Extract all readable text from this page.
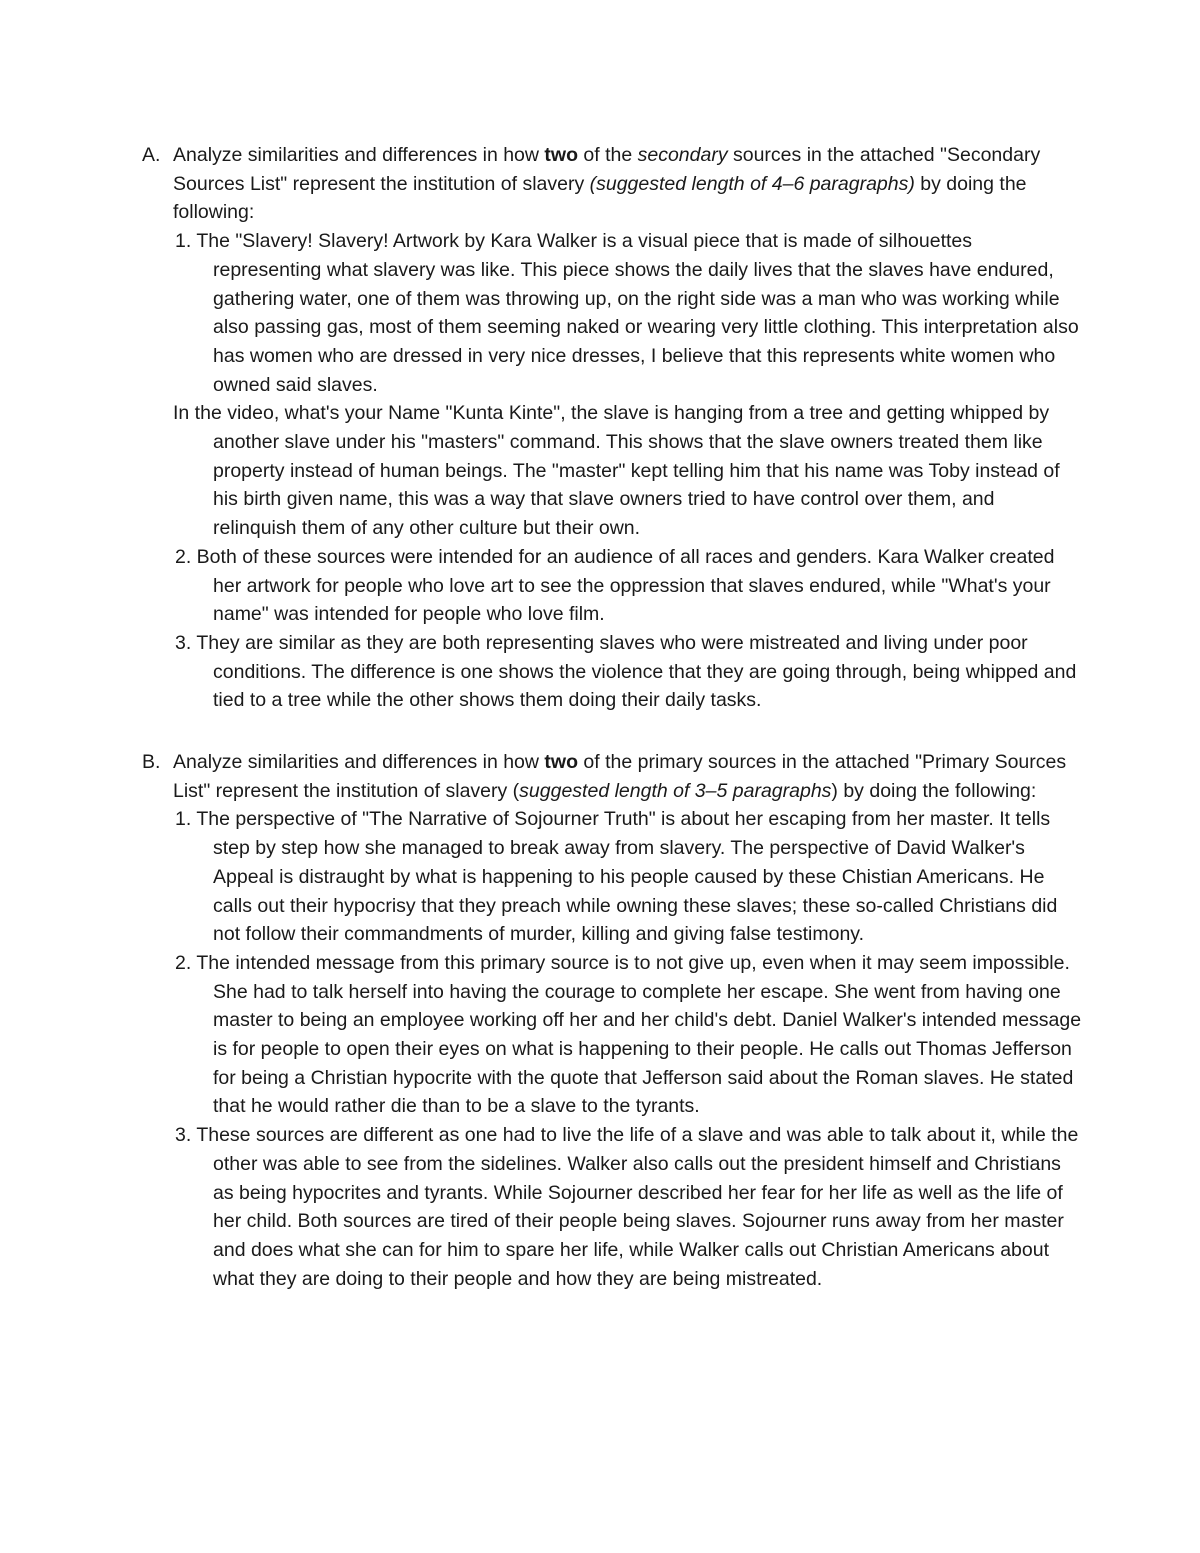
A. Analyze similarities and differences in how two of the secondary sources in the attached "Secondary Sources List" represent the institution of slavery (suggested length of 4–6 paragraphs) by doing the following:
1. The "Slavery! Slavery! Artwork by Kara Walker is a visual piece that is made of silhouettes representing what slavery was like. This piece shows the daily lives that the slaves have endured, gathering water, one of them was throwing up, on the right side was a man who was working while also passing gas, most of them seeming naked or wearing very little clothing. This interpretation also has women who are dressed in very nice dresses, I believe that this represents white women who owned said slaves.
In the video, what's your Name "Kunta Kinte", the slave is hanging from a tree and getting whipped by another slave under his "masters" command. This shows that the slave owners treated them like property instead of human beings. The "master" kept telling him that his name was Toby instead of his birth given name, this was a way that slave owners tried to have control over them, and relinquish them of any other culture but their own.
2. Both of these sources were intended for an audience of all races and genders. Kara Walker created her artwork for people who love art to see the oppression that slaves endured, while "What's your name" was intended for people who love film.
3. They are similar as they are both representing slaves who were mistreated and living under poor conditions. The difference is one shows the violence that they are going through, being whipped and tied to a tree while the other shows them doing their daily tasks.
B. Analyze similarities and differences in how two of the primary sources in the attached "Primary Sources List" represent the institution of slavery (suggested length of 3–5 paragraphs) by doing the following:
1. The perspective of "The Narrative of Sojourner Truth" is about her escaping from her master. It tells step by step how she managed to break away from slavery. The perspective of David Walker's Appeal is distraught by what is happening to his people caused by these Chistian Americans. He calls out their hypocrisy that they preach while owning these slaves; these so-called Christians did not follow their commandments of murder, killing and giving false testimony.
2. The intended message from this primary source is to not give up, even when it may seem impossible. She had to talk herself into having the courage to complete her escape. She went from having one master to being an employee working off her and her child's debt. Daniel Walker's intended message is for people to open their eyes on what is happening to their people. He calls out Thomas Jefferson for being a Christian hypocrite with the quote that Jefferson said about the Roman slaves. He stated that he would rather die than to be a slave to the tyrants.
3. These sources are different as one had to live the life of a slave and was able to talk about it, while the other was able to see from the sidelines. Walker also calls out the president himself and Christians as being hypocrites and tyrants. While Sojourner described her fear for her life as well as the life of her child. Both sources are tired of their people being slaves. Sojourner runs away from her master and does what she can for him to spare her life, while Walker calls out Christian Americans about what they are doing to their people and how they are being mistreated.
